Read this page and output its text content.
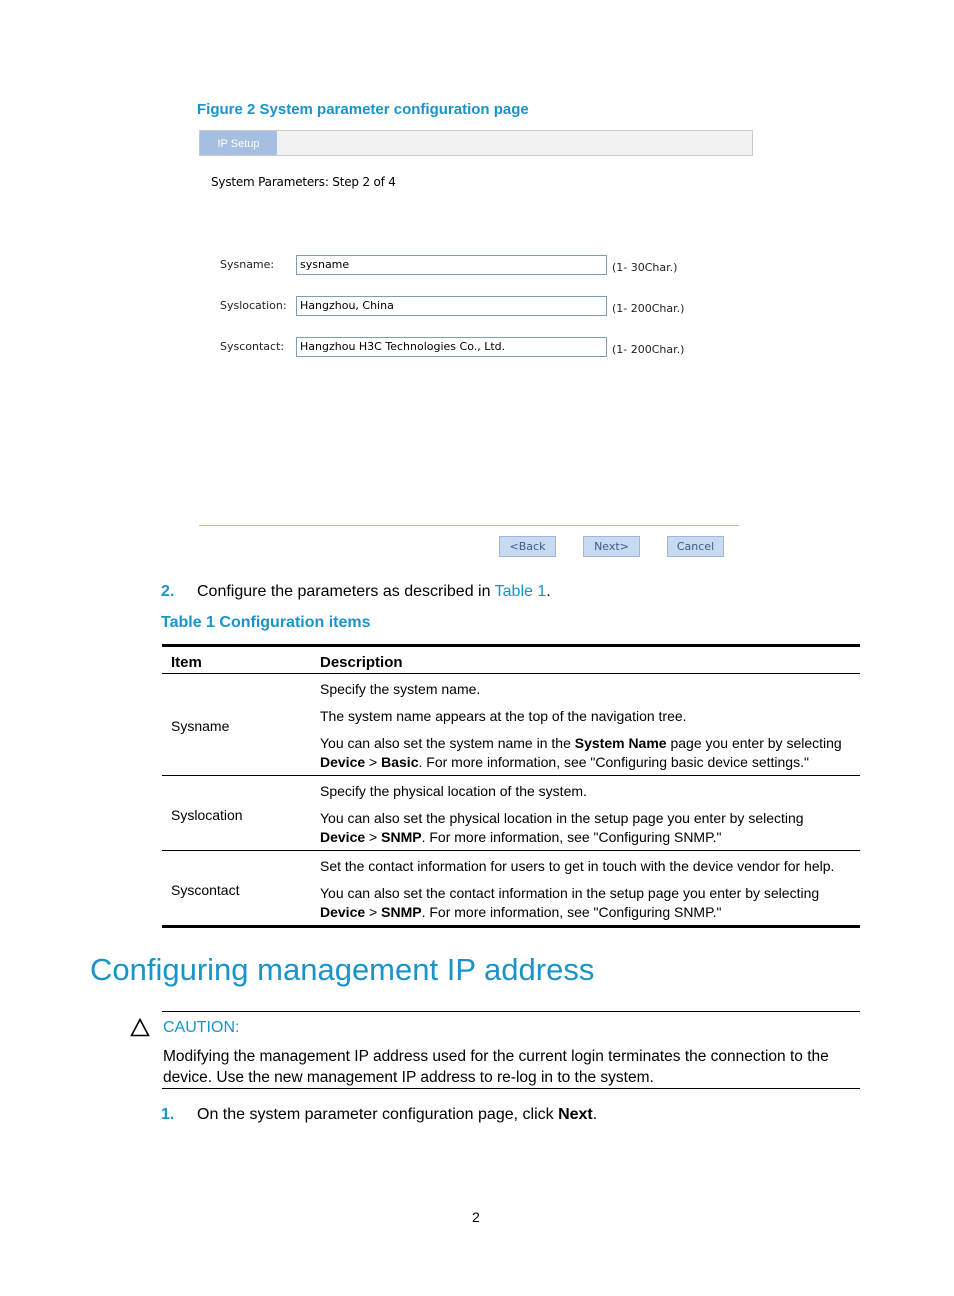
Figure 2 System parameter configuration page
IP Setup
System Parameters: Step 2 of 4
Sysname:
sysname	(1- 30Char.)
Syslocation:
Hangzhou, China	(1- 200Char.)
Syscontact:
Hangzhou H3C Technologies Co., Ltd.	(1- 200Char.)
<Back	Next>	Cancel
2. Configure the parameters as described in Table 1.
Table 1 Configuration items
Item	Description
Sysname	Specify the system name.

The system name appears at the top of the navigation tree.

You can also set the system name in the System Name page you enter by selecting Device > Basic. For more information, see "Configuring basic device settings."

Syslocation	Specify the physical location of the system.

You can also set the physical location in the setup page you enter by selecting Device > SNMP. For more information, see "Configuring SNMP."

Syscontact	Set the contact information for users to get in touch with the device vendor for help.

You can also set the contact information in the setup page you enter by selecting Device > SNMP. For more information, see "Configuring SNMP."

Configuring management IP address
CAUTION:
Modifying the management IP address used for the current login terminates the connection to the device. Use the new management IP address to re-log in to the system.
1. On the system parameter configuration page, click Next.
2
